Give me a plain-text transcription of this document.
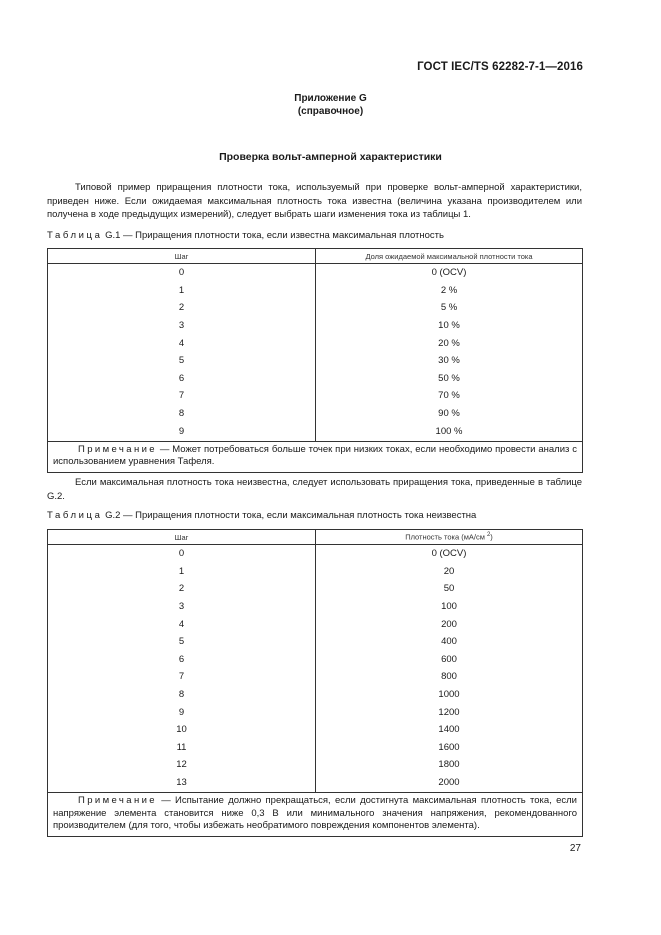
ГОСТ IEC/TS 62282-7-1—2016
Приложение G
(справочное)
Проверка вольт-амперной характеристики

Типовой пример приращения плотности тока, используемый при проверке вольт-амперной характеристики, приведен ниже. Если ожидаемая максимальная плотность тока известна (величина указана производителем или получена в ходе предыдущих измерений), следует выбрать шаги изменения тока из таблицы 1.

Таблица G.1 — Приращения плотности тока, если известна максимальная плотность
Шаг	Доля ожидаемой максимальной плотности тока
0	0 (OCV)
1	2 %
2	5 %
3	10 %
4	20 %
5	30 %
6	50 %
7	70 %
8	90 %
9	100 %
Примечание — Может потребоваться больше точек при низких токах, если необходимо провести анализ с использованием уравнения Тафеля.	

Если максимальная плотность тока неизвестна, следует использовать приращения тока, приведенные в таблице G.2.

Таблица G.2 — Приращения плотности тока, если максимальная плотность тока неизвестна
Шаг	Плотность тока (мА/см $^2$)
0	0 (OCV)
1	20
2	50
3	100
4	200
5	400
6	600
7	800
8	1000
9	1200
10	1400
11	1600
12	1800
13	2000
Примечание — Испытание должно прекращаться, если достигнута максимальная плотность тока, если напряжение элемента становится ниже 0,3 В или минимального значения напряжения, рекомендованного производителем (для того, чтобы избежать необратимого повреждения компонентов элемента).	
27
